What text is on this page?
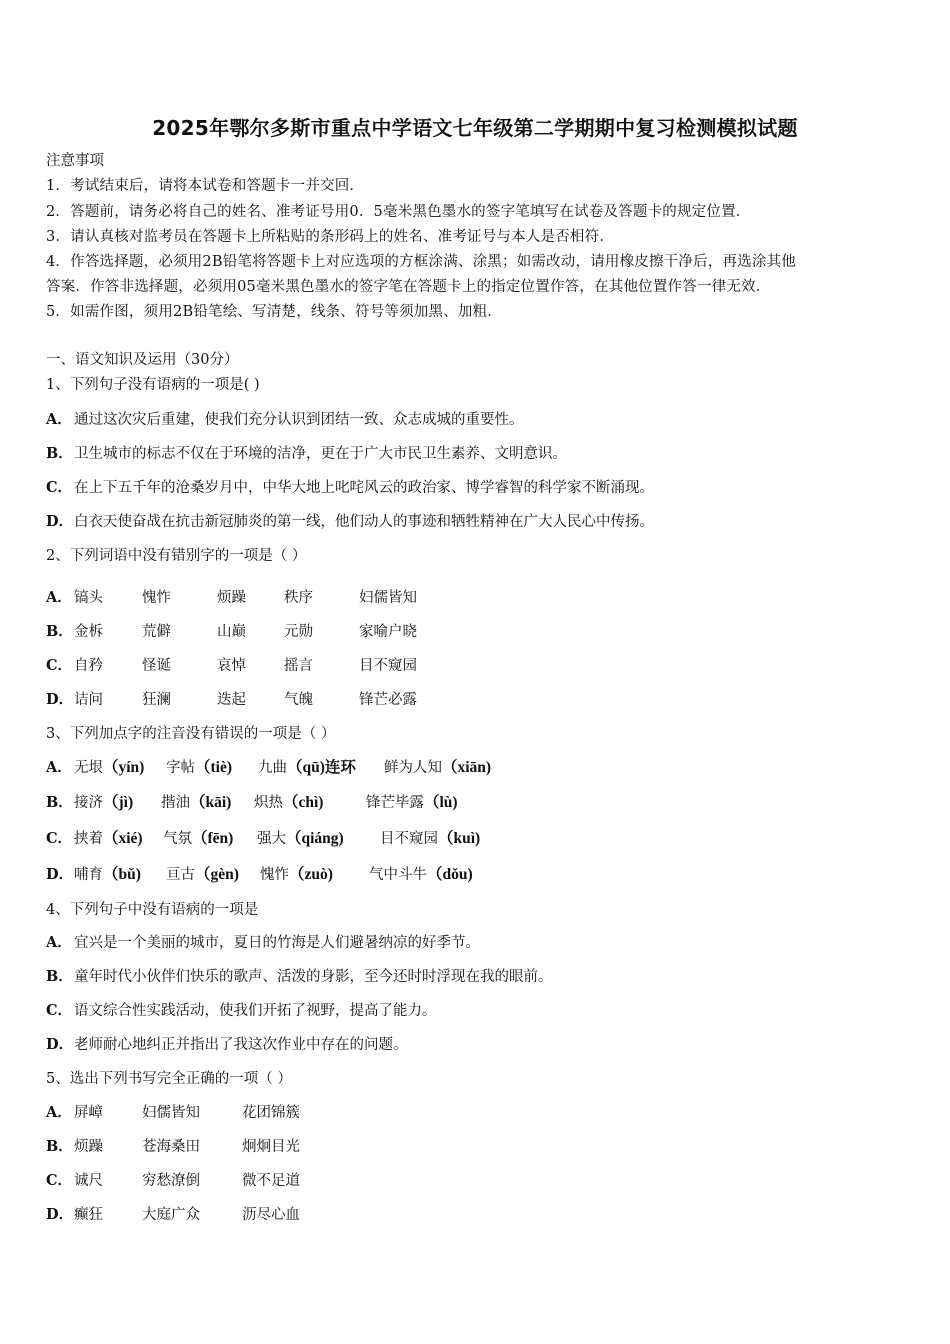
2025年鄂尔多斯市重点中学语文七年级第二学期期中复习检测模拟试题
注意事项
1．考试结束后，请将本试卷和答题卡一并交回．
2．答题前，请务必将自己的姓名、准考证号用0．5毫米黑色墨水的签字笔填写在试卷及答题卡的规定位置．
3．请认真核对监考员在答题卡上所粘贴的条形码上的姓名、准考证号与本人是否相符．
4．作答选择题，必须用2B铅笔将答题卡上对应选项的方框涂满、涂黑；如需改动，请用橡皮擦干净后，再选涂其他
答案．作答非选择题，必须用05毫米黑色墨水的签字笔在答题卡上的指定位置作答，在其他位置作答一律无效．
5．如需作图，须用2B铅笔绘、写清楚，线条、符号等须加黑、加粗．
一、语文知识及运用（30分）
1、下列句子没有语病的一项是( )
A． 通过这次灾后重建，使我们充分认识到团结一致、众志成城的重要性。
B．卫生城市的标志不仅在于环境的洁净，更在于广大市民卫生素养、文明意识。
C． 在上下五千年的沧桑岁月中，中华大地上叱咤风云的政治家、博学睿智的科学家不断涌现。
D．白衣天使奋战在抗击新冠肺炎的第一线，他们动人的事迹和牺牲精神在广大人民心中传扬。
2、下列词语中没有错别字的一项是（ ）
A． 镐头	愧怍	烦躁	秩序	妇儒皆知
B． 金柝	荒僻	山巅	元勋	家喻户晓
C． 自矜	怪诞	哀悼	摇言	目不窥园
D． 诘问	狂澜	迭起	气魄	锋芒必露
3、下列加点字的注音没有错误的一项是（ ）
A． 无垠（yín) 字帖（tiè) 九曲（qū)连环 鲜为人知（xiān)
B． 接济（jì) 揩油（kāi) 炽热（chì)	锋芒毕露（lù)
C． 挟着（xié) 气氛（fēn) 强大（qiáng)	目不窥园（kuì)
D． 哺育（bǔ) 亘古（gèn) 愧怍（zuò) 气中斗牛（dǒu)
4、下列句子中没有语病的一项是
A． 宜兴是一个美丽的城市，夏日的竹海是人们避暑纳凉的好季节。
B．童年时代小伙伴们快乐的歌声、活泼的身影，至今还时时浮现在我的眼前。
C． 语文综合性实践活动，使我们开拓了视野，提高了能力。
D．老师耐心地纠正并指出了我这次作业中存在的问题。
5、选出下列书写完全正确的一项（ ）
A． 屏嶂	妇儒皆知	花团锦簇
B． 烦躁	苍海桑田	炯炯目光
C． 诚尺	穷愁潦倒	微不足道
D． 癫狂	大庭广众	沥尽心血
